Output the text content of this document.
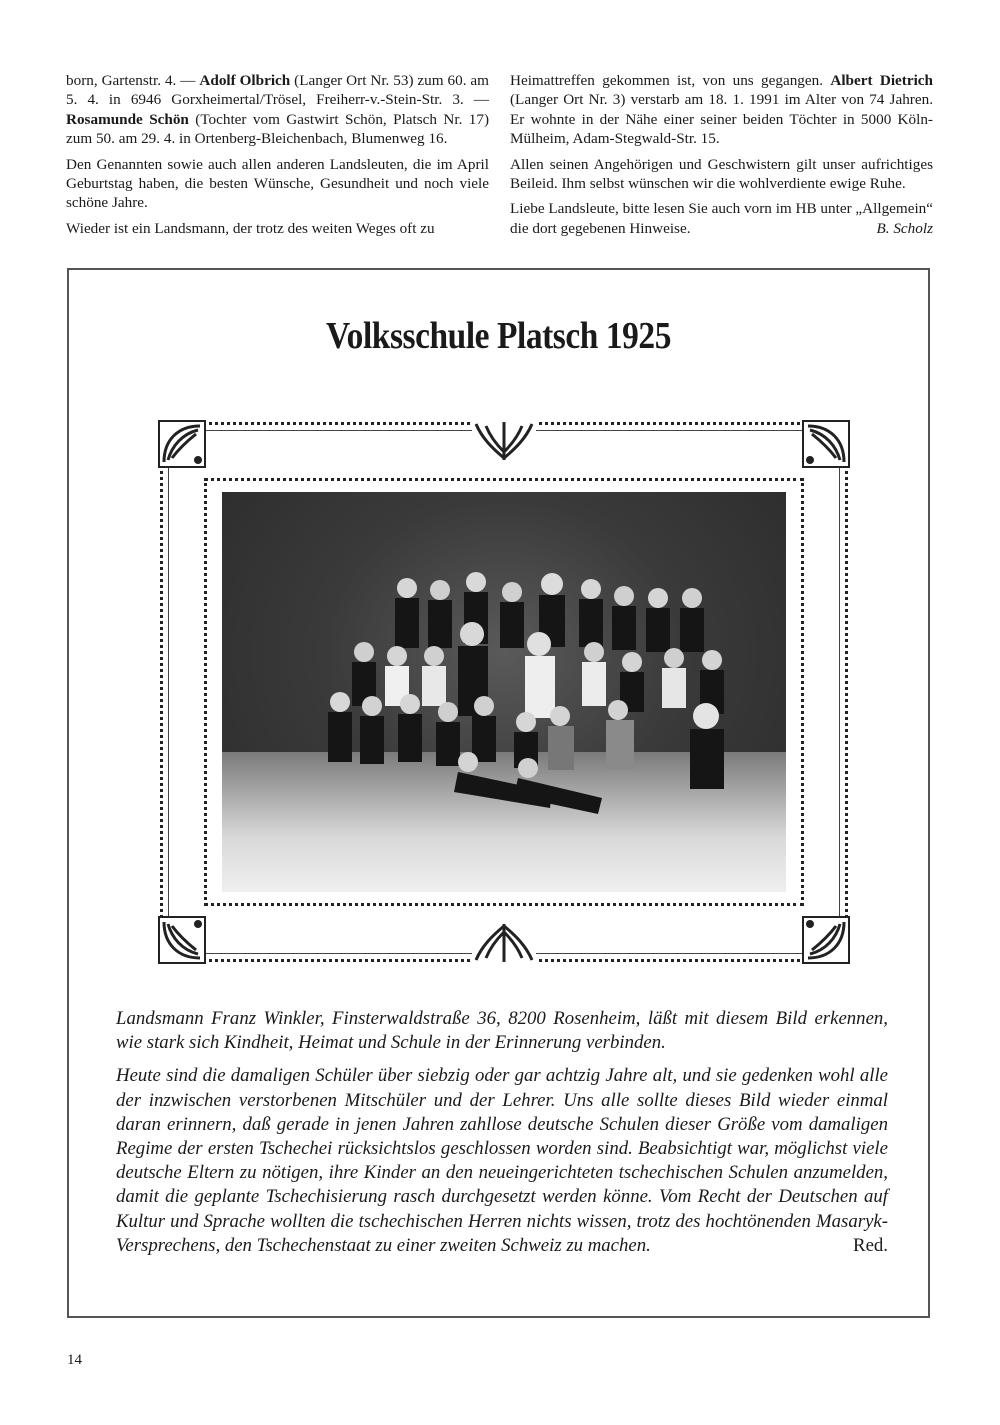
born, Gartenstr. 4. — Adolf Olbrich (Langer Ort Nr. 53) zum 60. am 5. 4. in 6946 Gorxheimertal/Trösel, Freiherr-v.-Stein-Str. 3. — Rosamunde Schön (Tochter vom Gastwirt Schön, Platsch Nr. 17) zum 50. am 29. 4. in Ortenberg-Bleichenbach, Blumenweg 16.

Den Genannten sowie auch allen anderen Landsleuten, die im April Geburtstag haben, die besten Wünsche, Gesundheit und noch viele schöne Jahre.

Wieder ist ein Landsmann, der trotz des weiten Weges oft zu

Heimattreffen gekommen ist, von uns gegangen. Albert Dietrich (Langer Ort Nr. 3) verstarb am 18. 1. 1991 im Alter von 74 Jahren. Er wohnte in der Nähe einer seiner beiden Töchter in 5000 Köln-Mülheim, Adam-Stegwald-Str. 15.

Allen seinen Angehörigen und Geschwistern gilt unser aufrichtiges Beileid. Ihm selbst wünschen wir die wohlverdiente ewige Ruhe.

Liebe Landsleute, bitte lesen Sie auch vorn im HB unter „Allgemein“ die dort gegebenen Hinweise.	B. Scholz

Volksschule Platsch 1925

Landsmann Franz Winkler, Finsterwaldstraße 36, 8200 Rosenheim, läßt mit diesem Bild erkennen, wie stark sich Kindheit, Heimat und Schule in der Erinnerung verbinden.

Heute sind die damaligen Schüler über siebzig oder gar achtzig Jahre alt, und sie gedenken wohl alle der inzwischen verstorbenen Mitschüler und der Lehrer. Uns alle sollte dieses Bild wieder einmal daran erinnern, daß gerade in jenen Jahren zahllose deutsche Schulen dieser Größe vom damaligen Regime der ersten Tschechei rücksichtslos geschlossen worden sind. Beabsichtigt war, möglichst viele deutsche Eltern zu nötigen, ihre Kinder an den neueingerichteten tschechischen Schulen anzumelden, damit die geplante Tschechisierung rasch durchgesetzt werden könne. Vom Recht der Deutschen auf Kultur und Sprache wollten die tschechischen Herren nichts wissen, trotz des hochtönenden Masaryk-Versprechens, den Tschechenstaat zu einer zweiten Schweiz zu machen.	Red.

14
